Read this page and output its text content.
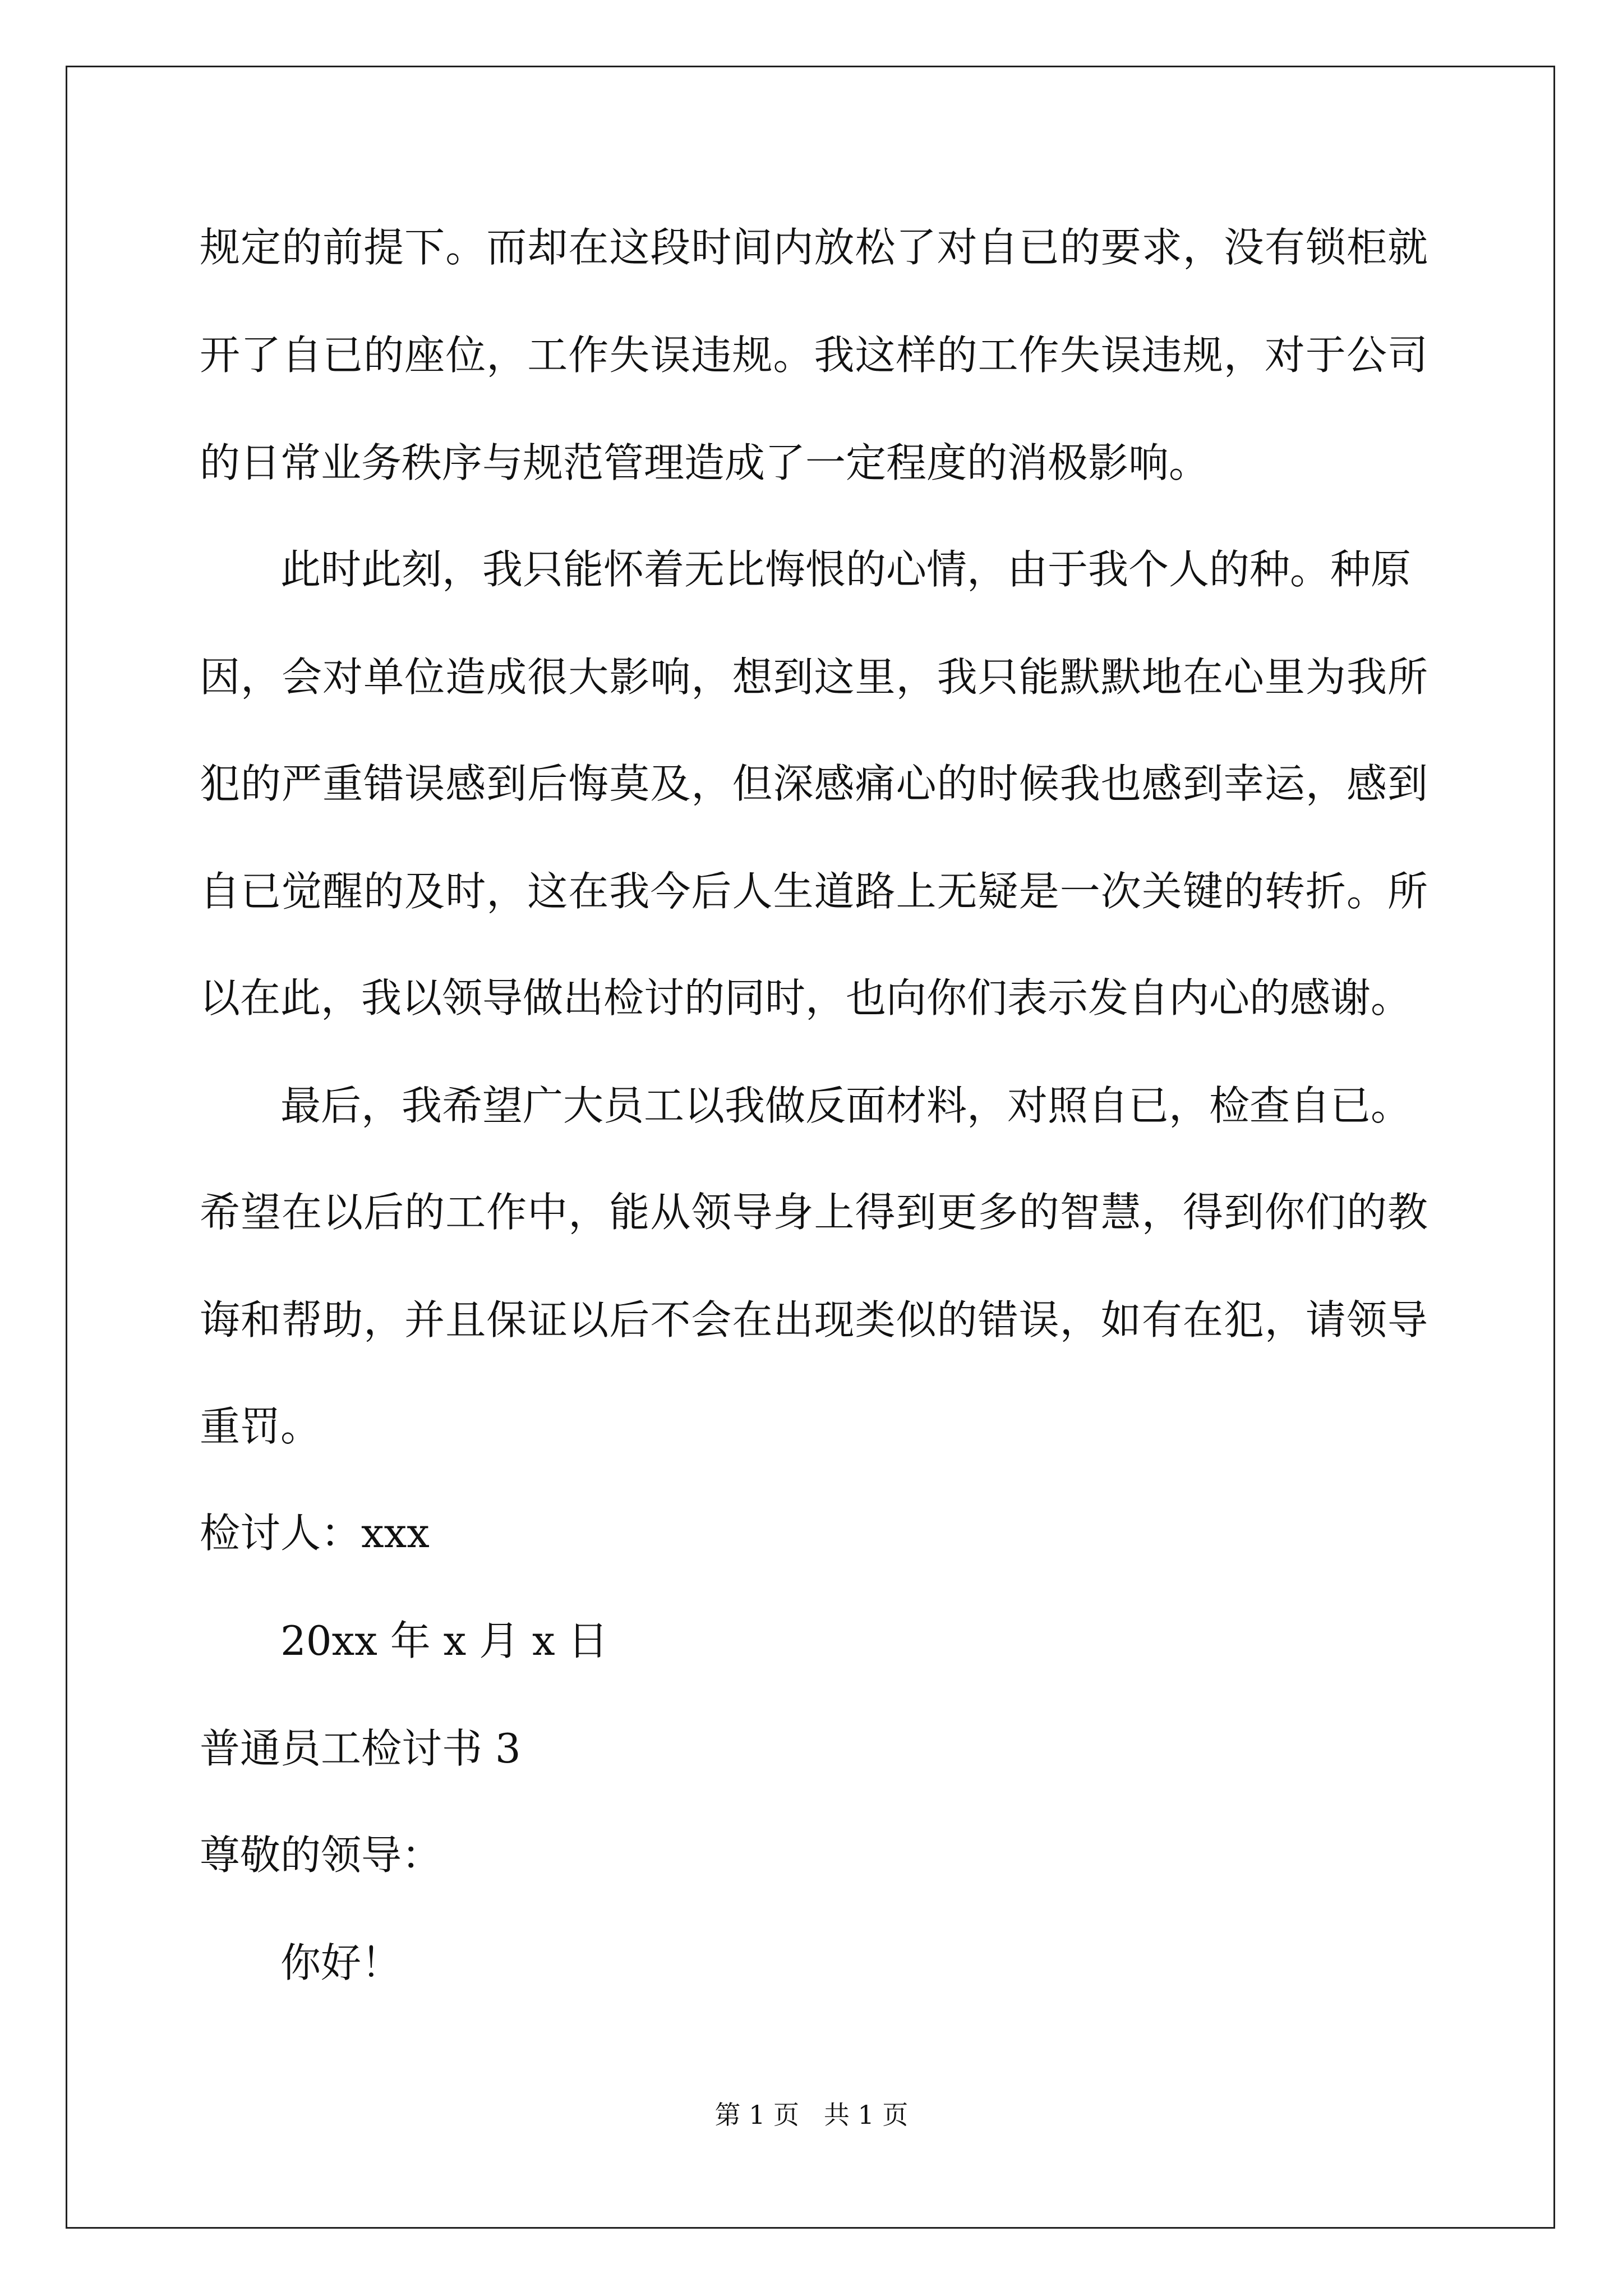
规定的前提下。而却在这段时间内放松了对自已的要求，没有锁柜就
开了自已的座位，工作失误违规。我这样的工作失误违规，对于公司
的日常业务秩序与规范管理造成了一定程度的消极影响。
此时此刻，我只能怀着无比悔恨的心情，由于我个人的种。种原
因，会对单位造成很大影响，想到这里，我只能默默地在心里为我所
犯的严重错误感到后悔莫及，但深感痛心的时候我也感到幸运，感到
自已觉醒的及时，这在我今后人生道路上无疑是一次关键的转折。所
以在此，我以领导做出检讨的同时，也向你们表示发自内心的感谢。
最后，我希望广大员工以我做反面材料，对照自已，检查自已。
希望在以后的工作中，能从领导身上得到更多的智慧，得到你们的教
诲和帮助，并且保证以后不会在出现类似的错误，如有在犯，请领导
重罚。
检讨人：xxx
20xx 年 x 月 x 日
普通员工检讨书 3
尊敬的领导：
你好！
第 1 页   共 1 页
